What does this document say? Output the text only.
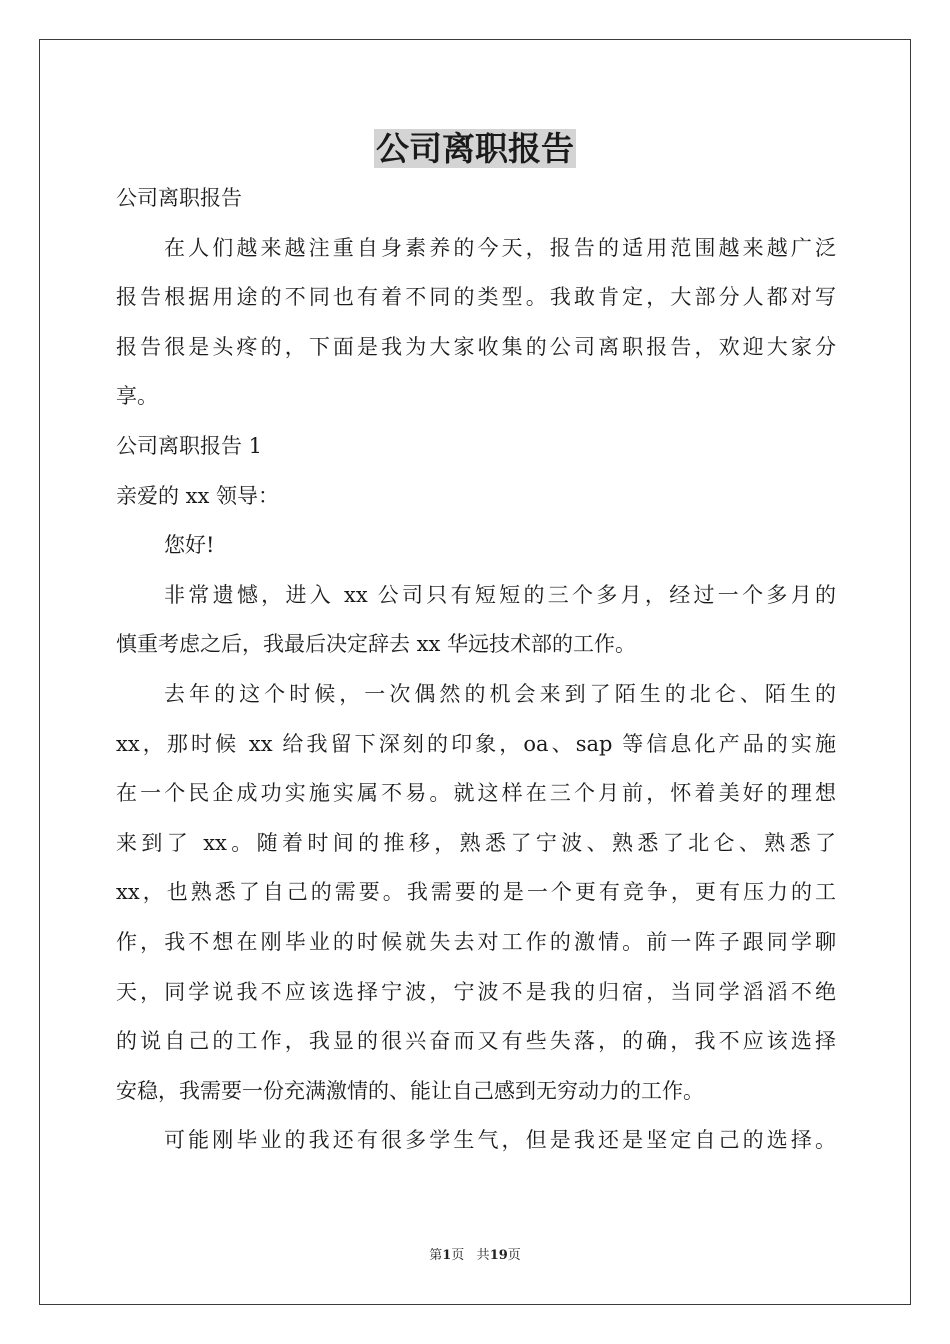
公司离职报告

公司离职报告

在人们越来越注重自身素养的今天，报告的适用范围越来越广泛

报告根据用途的不同也有着不同的类型。我敢肯定，大部分人都对写

报告很是头疼的，下面是我为大家收集的公司离职报告，欢迎大家分

享。

公司离职报告 1

亲爱的 xx 领导：

您好!

非常遗憾，进入 xx 公司只有短短的三个多月，经过一个多月的

慎重考虑之后，我最后决定辞去 xx 华远技术部的工作。

去年的这个时候，一次偶然的机会来到了陌生的北仑、陌生的

xx，那时候 xx 给我留下深刻的印象，oa、sap 等信息化产品的实施

在一个民企成功实施实属不易。就这样在三个月前，怀着美好的理想

来到了 xx。随着时间的推移，熟悉了宁波、熟悉了北仑、熟悉了

xx，也熟悉了自己的需要。我需要的是一个更有竞争，更有压力的工

作，我不想在刚毕业的时候就失去对工作的激情。前一阵子跟同学聊

天，同学说我不应该选择宁波，宁波不是我的归宿，当同学滔滔不绝

的说自己的工作，我显的很兴奋而又有些失落，的确，我不应该选择

安稳，我需要一份充满激情的、能让自己感到无穷动力的工作。

可能刚毕业的我还有很多学生气，但是我还是坚定自己的选择。

第1页 共19页
